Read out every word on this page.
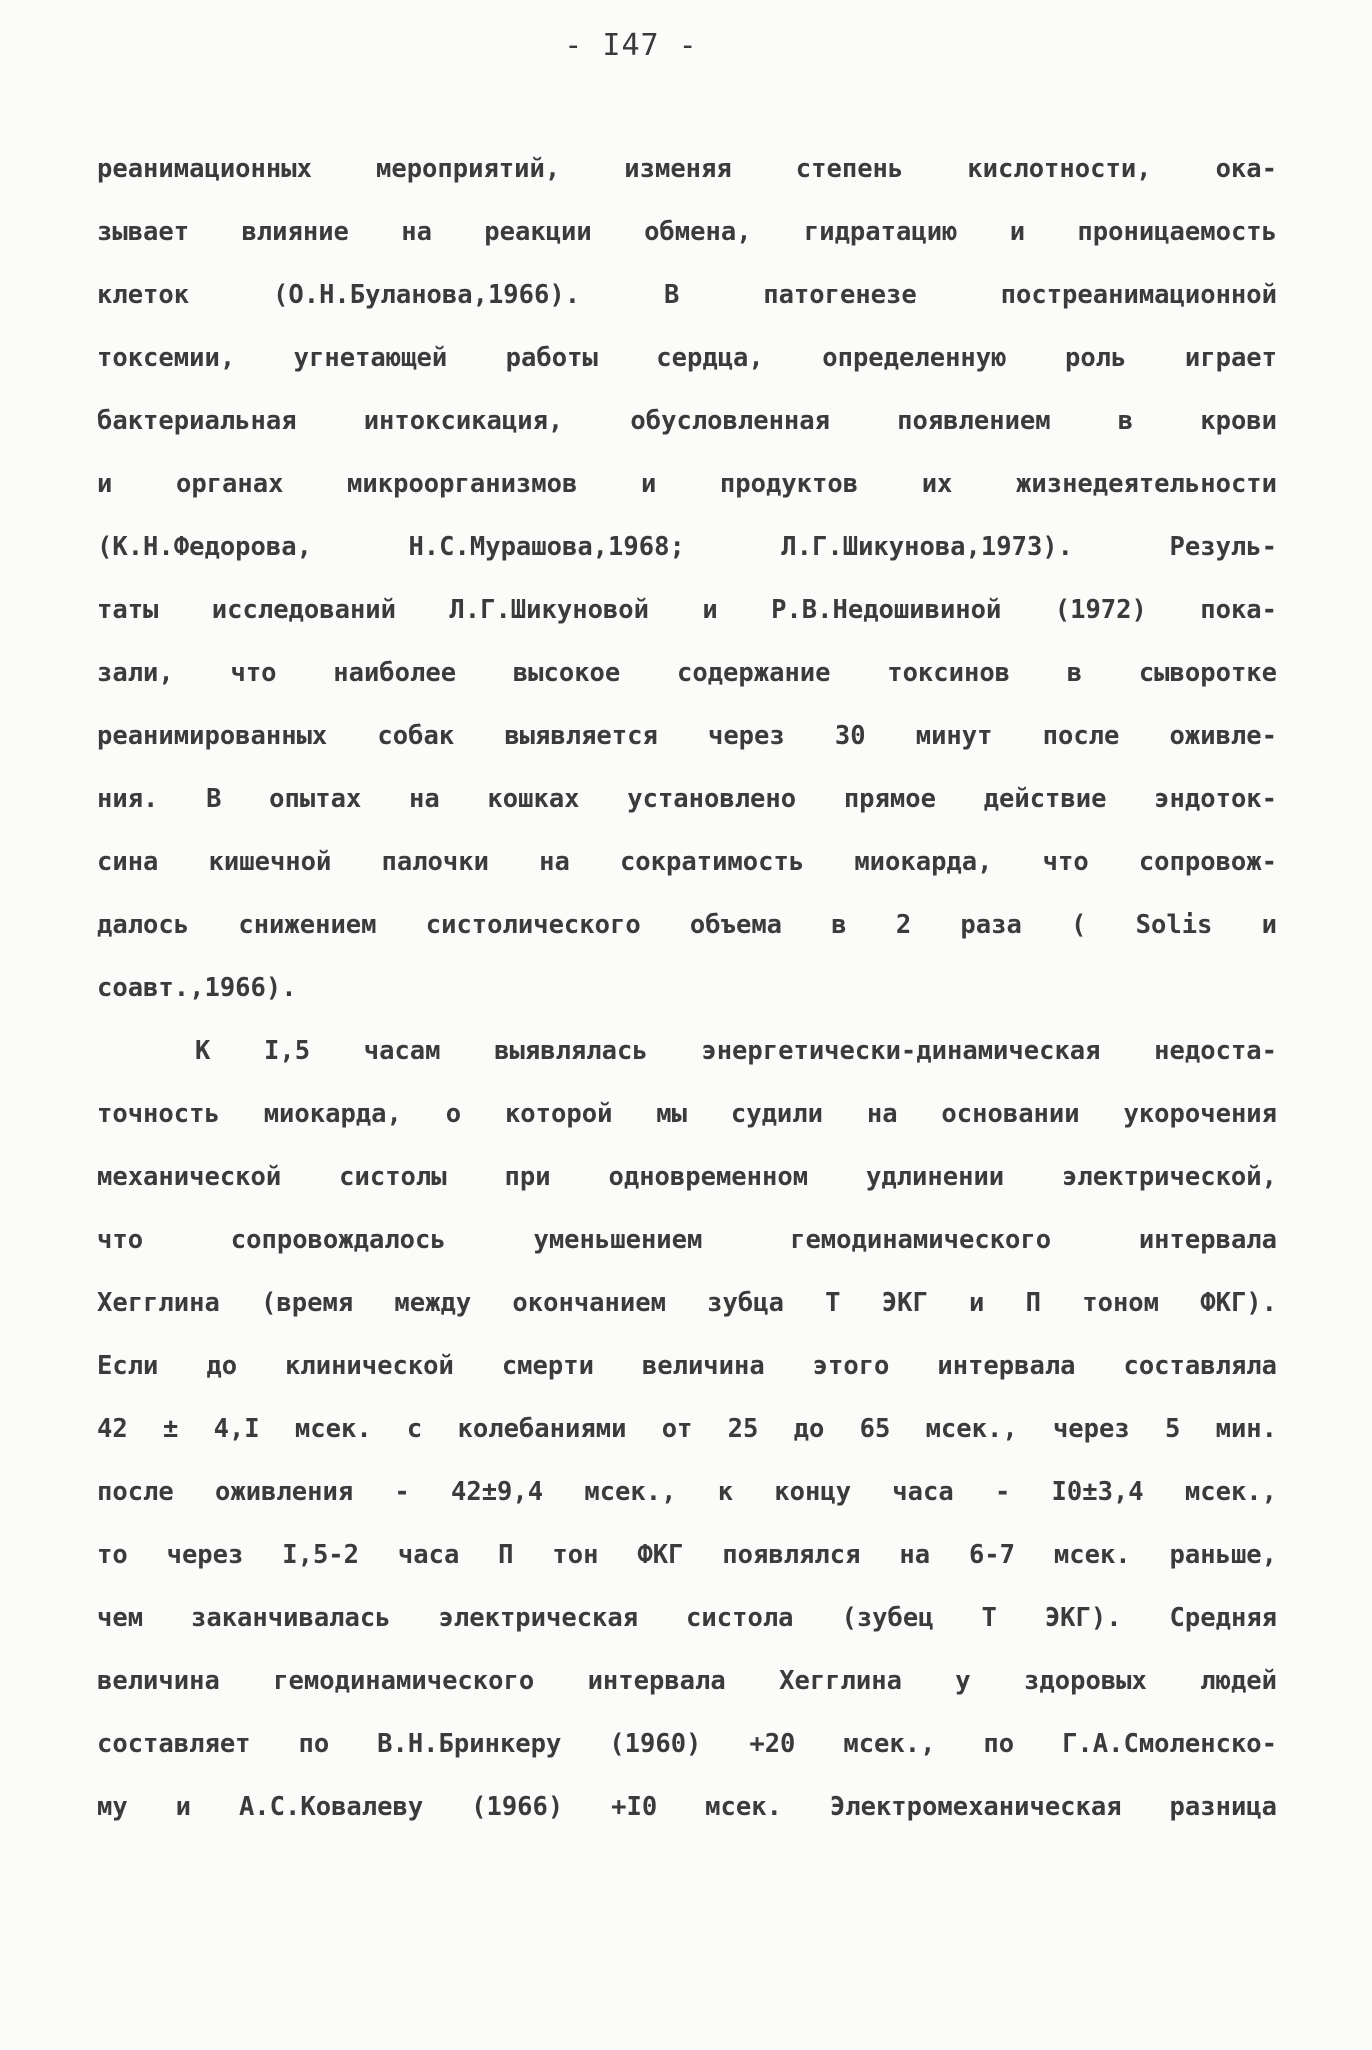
- I47 -
реанимационных мероприятий, изменяя степень кислотности, ока-
зывает влияние на реакции обмена, гидратацию и проницаемость
клеток (О.Н.Буланова,1966). В патогенезе постреанимационной
токсемии, угнетающей работы сердца, определенную роль играет
бактериальная интоксикация, обусловленная появлением в крови
и органах микроорганизмов и продуктов их жизнедеятельности
(К.Н.Федорова, Н.С.Мурашова,1968; Л.Г.Шикунова,1973). Резуль-
таты исследований Л.Г.Шикуновой и Р.В.Недошивиной (1972) пока-
зали, что наиболее высокое содержание токсинов в сыворотке
реанимированных собак выявляется через 30 минут после оживле-
ния. В опытах на кошках установлено прямое действие эндоток-
сина кишечной палочки на сократимость миокарда, что сопровож-
далось снижением систолического объема в 2 раза ( Solis и
соавт.,1966).
К I,5 часам выявлялась энергетически-динамическая недоста-
точность миокарда, о которой мы судили на основании укорочения
механической систолы при одновременном удлинении электрической,
что сопровождалось уменьшением гемодинамического интервала
Хегглина (время между окончанием зубца Т ЭКГ и П тоном ФКГ).
Если до клинической смерти величина этого интервала составляла
42 ± 4,I мсек. с колебаниями от 25 до 65 мсек., через 5 мин.
после оживления - 42±9,4 мсек., к концу часа - I0±3,4 мсек.,
то через I,5-2 часа П тон ФКГ появлялся на 6-7 мсек. раньше,
чем заканчивалась электрическая систола (зубец Т ЭКГ). Средняя
величина гемодинамического интервала Хегглина у здоровых людей
составляет по В.Н.Бринкеру (1960) +20 мсек., по Г.А.Смоленско-
му и А.С.Ковалеву (1966) +I0 мсек. Электромеханическая разница
